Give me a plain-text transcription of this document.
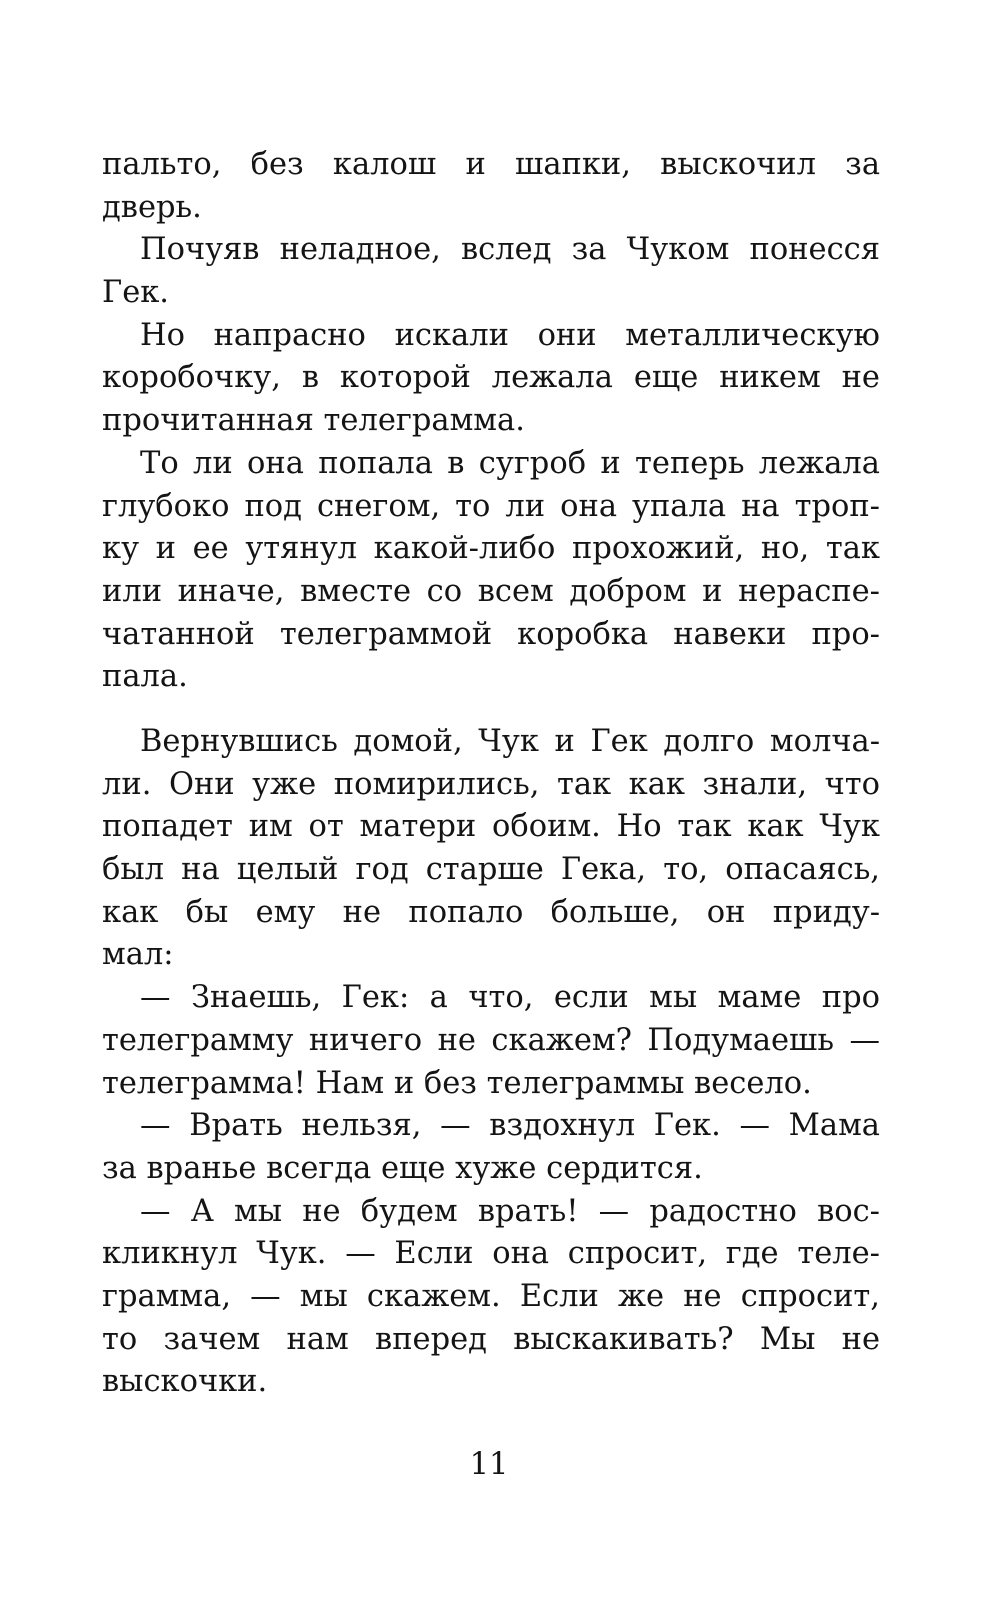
пальто, без калош и шапки, выскочил за
дверь.
Почуяв неладное, вслед за Чуком понесся
Гек.
Но напрасно искали они металлическую
коробочку, в которой лежала еще никем не
прочитанная телеграмма.
То ли она попала в сугроб и теперь лежала
глубоко под снегом, то ли она упала на троп-
ку и ее утянул какой-либо прохожий, но, так
или иначе, вместе со всем добром и нераспе-
чатанной телеграммой коробка навеки про-
пала.
Вернувшись домой, Чук и Гек долго молча-
ли. Они уже помирились, так как знали, что
попадет им от матери обоим. Но так как Чук
был на целый год старше Гека, то, опасаясь,
как бы ему не попало больше, он приду-
мал:
— Знаешь, Гек: а что, если мы маме про
телеграмму ничего не скажем? Подумаешь —
телеграмма! Нам и без телеграммы весело.
— Врать нельзя, — вздохнул Гек. — Мама
за вранье всегда еще хуже сердится.
— А мы не будем врать! — радостно вос-
кликнул Чук. — Если она спросит, где теле-
грамма, — мы скажем. Если же не спросит,
то зачем нам вперед выскакивать? Мы не
выскочки.
11
